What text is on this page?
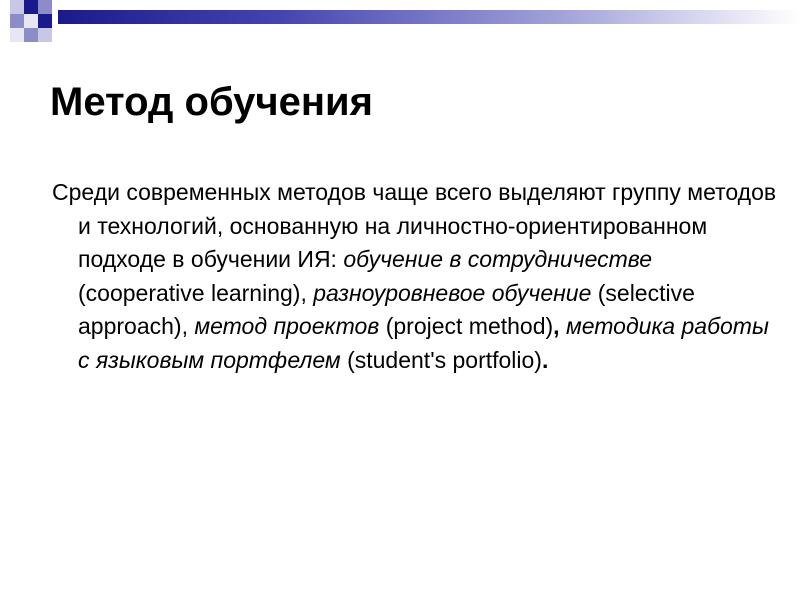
Метод обучения

Среди современных методов чаще всего выделяют группу методов и технологий, основанную на личностно-ориентированном подходе в обучении ИЯ: обучение в сотрудничестве (cooperative learning), разноуровневое обучение (selective approach), метод проектов (project method), методика работы с языковым портфелем (student's portfolio).
